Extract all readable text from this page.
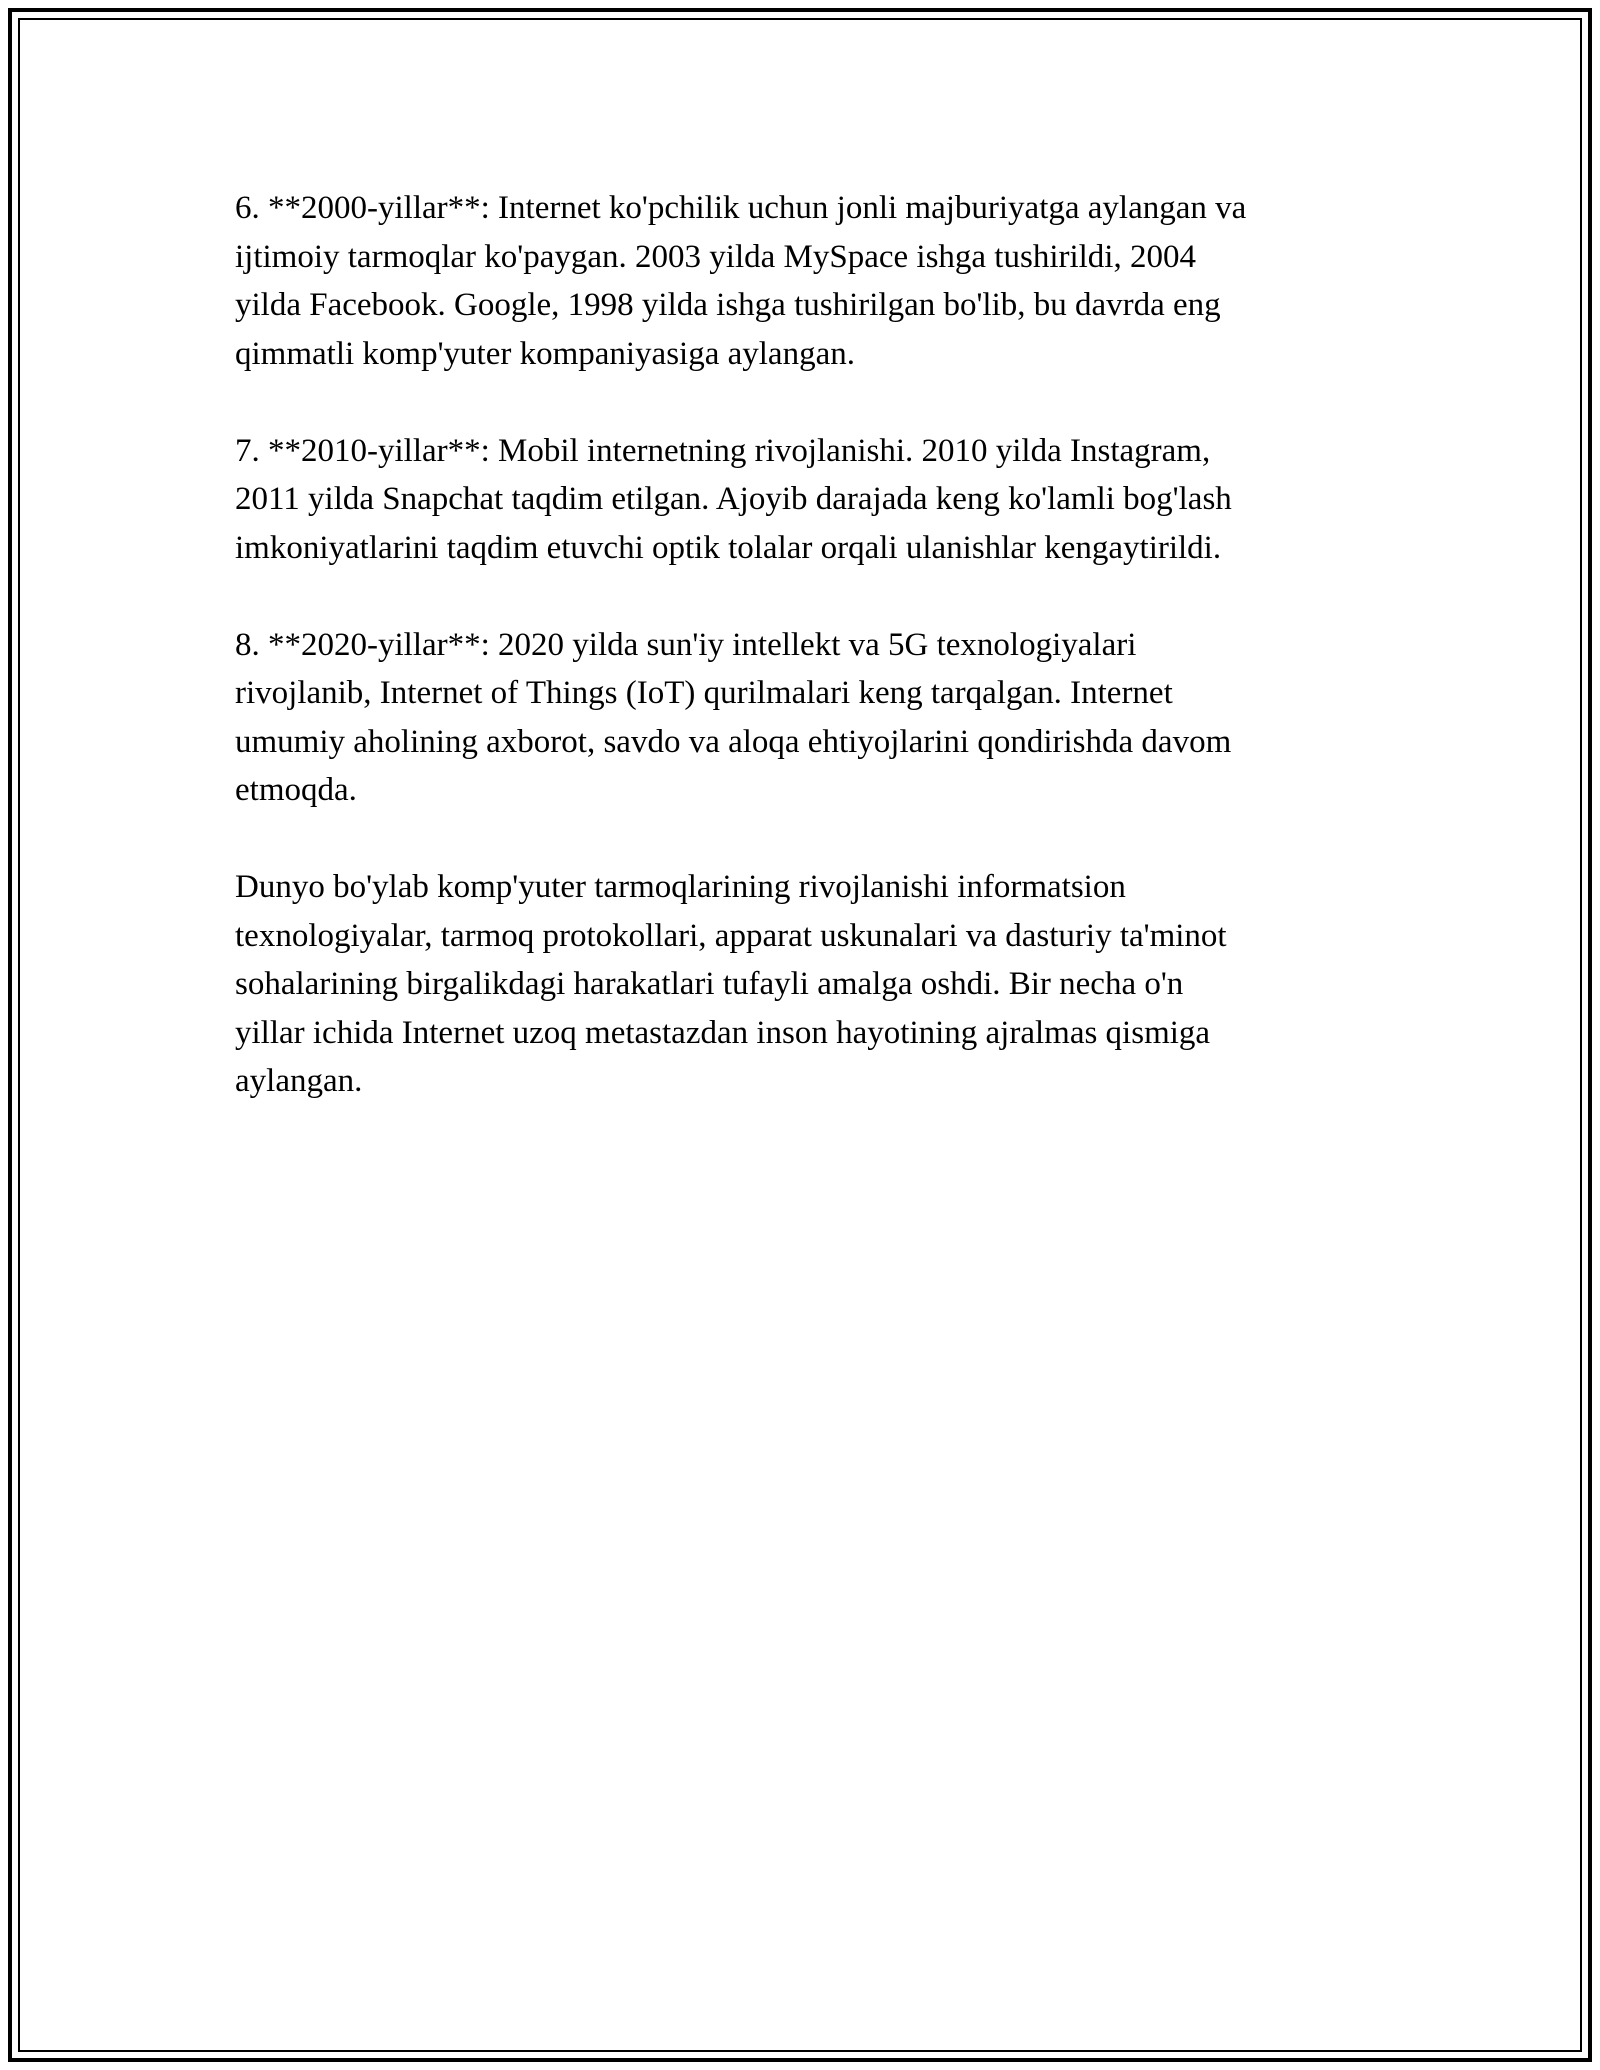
6. **2000-yillar**: Internet ko'pchilik uchun jonli majburiyatga aylangan va
ijtimoiy tarmoqlar ko'paygan. 2003 yilda MySpace ishga tushirildi, 2004
yilda Facebook. Google, 1998 yilda ishga tushirilgan bo'lib, bu davrda eng
qimmatli komp'yuter kompaniyasiga aylangan.

7. **2010-yillar**: Mobil internetning rivojlanishi. 2010 yilda Instagram,
2011 yilda Snapchat taqdim etilgan. Ajoyib darajada keng ko'lamli bog'lash
imkoniyatlarini taqdim etuvchi optik tolalar orqali ulanishlar kengaytirildi.

8. **2020-yillar**: 2020 yilda sun'iy intellekt va 5G texnologiyalari
rivojlanib, Internet of Things (IoT) qurilmalari keng tarqalgan. Internet
umumiy aholining axborot, savdo va aloqa ehtiyojlarini qondirishda davom
etmoqda.

Dunyo bo'ylab komp'yuter tarmoqlarining rivojlanishi informatsion
texnologiyalar, tarmoq protokollari, apparat uskunalari va dasturiy ta'minot
sohalarining birgalikdagi harakatlari tufayli amalga oshdi. Bir necha o'n
yillar ichida Internet uzoq metastazdan inson hayotining ajralmas qismiga
aylangan.
